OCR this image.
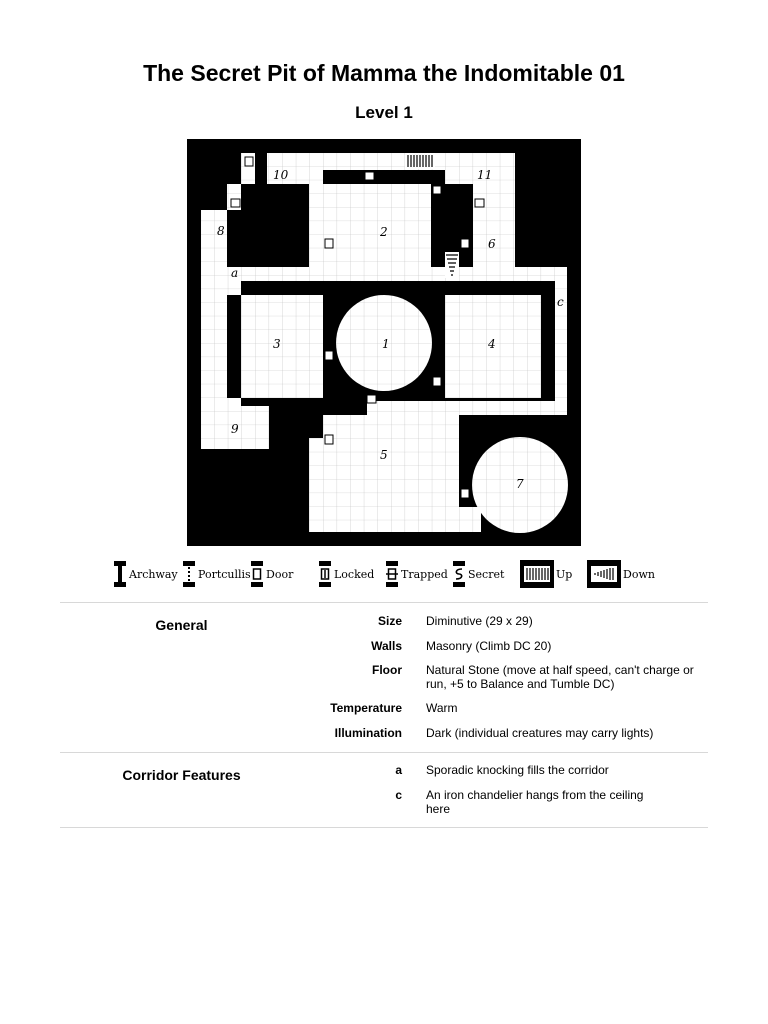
The Secret Pit of Mamma the Indomitable 01
Level 1
10	11
8	2
6
a
c
3	1	4
9
5
7
Archway Portcullis Door	Locked Trapped Secret	Up	Down
General	Size Diminutive (29 x 29)
Walls Masonry (Climb DC 20)
Floor Natural Stone (move at half speed, can't charge or run, +5 to Balance and Tumble DC)
Temperature Warm
Illumination Dark (individual creatures may carry lights)
Corridor Features	a Sporadic knocking fills the corridor
c An iron chandelier hangs from the ceiling here
